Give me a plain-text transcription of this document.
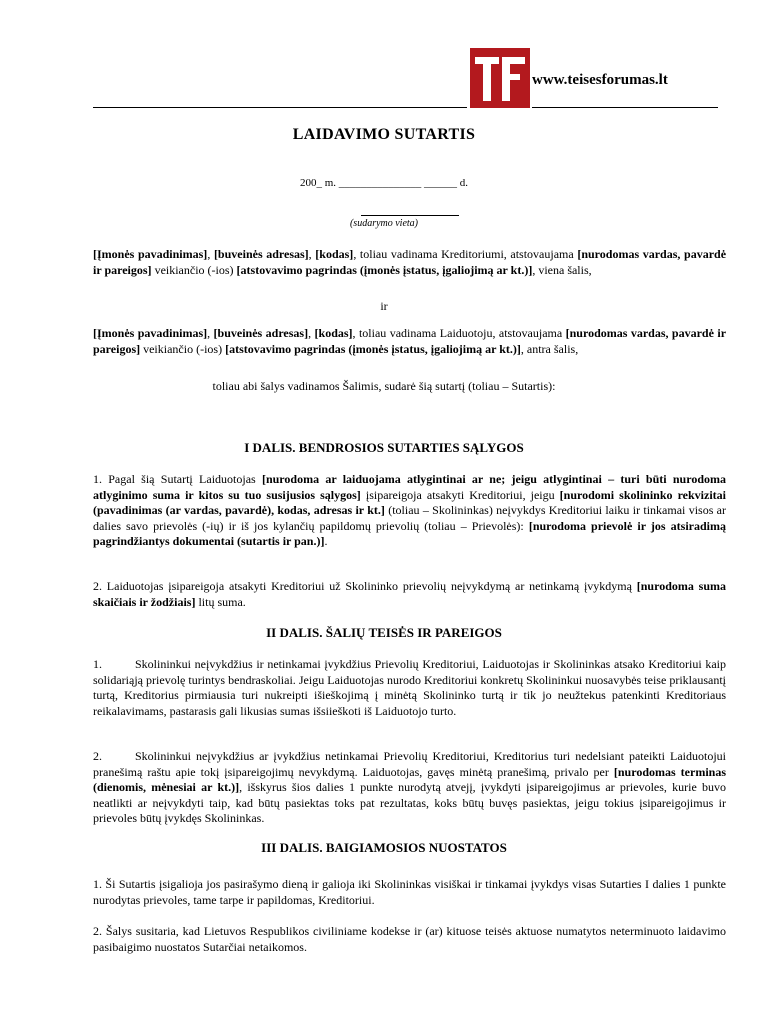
www.teisesforumas.lt
LAIDAVIMO SUTARTIS
200_ m. _______________ ______ d.
(sudarymo vieta)
[Įmonės pavadinimas], [buveinės adresas], [kodas], toliau vadinama Kreditoriumi, atstovaujama [nurodomas vardas, pavardė ir pareigos] veikiančio (-ios) [atstovavimo pagrindas (įmonės įstatus, įgaliojimą ar kt.)], viena šalis,
ir
[Įmonės pavadinimas], [buveinės adresas], [kodas], toliau vadinama Laiduotoju, atstovaujama [nurodomas vardas, pavardė ir pareigos] veikiančio (-ios) [atstovavimo pagrindas (įmonės įstatus, įgaliojimą ar kt.)], antra šalis,
toliau abi šalys vadinamos Šalimis, sudarė šią sutartį (toliau – Sutartis):
I DALIS. BENDROSIOS SUTARTIES SĄLYGOS
1. Pagal šią Sutartį Laiduotojas [nurodoma ar laiduojama atlygintinai ar ne; jeigu atlygintinai – turi būti nurodoma atlyginimo suma ir kitos su tuo susijusios sąlygos] įsipareigoja atsakyti Kreditoriui, jeigu [nurodomi skolininko rekvizitai (pavadinimas (ar vardas, pavardė), kodas, adresas ir kt.] (toliau – Skolininkas) neįvykdys Kreditoriui laiku ir tinkamai visos ar dalies savo prievolės (-ių) ir iš jos kylančių papildomų prievolių (toliau – Prievolės): [nurodoma prievolė ir jos atsiradimą pagrindžiantys dokumentai (sutartis ir pan.)].
2. Laiduotojas įsipareigoja atsakyti Kreditoriui už Skolininko prievolių neįvykdymą ar netinkamą įvykdymą [nurodoma suma skaičiais ir žodžiais] litų suma.
II DALIS. ŠALIŲ TEISĖS IR PAREIGOS
1.	Skolininkui neįvykdžius ir netinkamai įvykdžius Prievolių Kreditoriui, Laiduotojas ir Skolininkas atsako Kreditoriui kaip solidariąją prievolę turintys bendraskoliai. Jeigu Laiduotojas nurodo Kreditoriui konkretų Skolininkui nuosavybės teise priklausantį turtą, Kreditorius pirmiausia turi nukreipti išieškojimą į minėtą Skolininko turtą ir tik jo neužtekus patenkinti Kreditoriaus reikalavimams, pastarasis gali likusias sumas išsiieškoti iš Laiduotojo turto.
2.	Skolininkui neįvykdžius ar įvykdžius netinkamai Prievolių Kreditoriui, Kreditorius turi nedelsiant pateikti Laiduotojui pranešimą raštu apie tokį įsipareigojimų nevykdymą. Laiduotojas, gavęs minėtą pranešimą, privalo per [nurodomas terminas (dienomis, mėnesiai ar kt.)], išskyrus šios dalies 1 punkte nurodytą atvejį, įvykdyti įsipareigojimus ar prievoles, kurie buvo neatlikti ar neįvykdyti taip, kad būtų pasiektas toks pat rezultatas, koks būtų buvęs pasiektas, jeigu tokius įsipareigojimus ir prievoles būtų įvykdęs Skolininkas.
III DALIS. BAIGIAMOSIOS NUOSTATOS
1. Ši Sutartis įsigalioja jos pasirašymo dieną ir galioja iki Skolininkas visiškai ir tinkamai įvykdys visas Sutarties I dalies 1 punkte nurodytas prievoles, tame tarpe ir papildomas, Kreditoriui.
2. Šalys susitaria, kad Lietuvos Respublikos civiliniame kodekse ir (ar) kituose teisės aktuose numatytos neterminuoto laidavimo pasibaigimo nuostatos Sutarčiai netaikomos.
